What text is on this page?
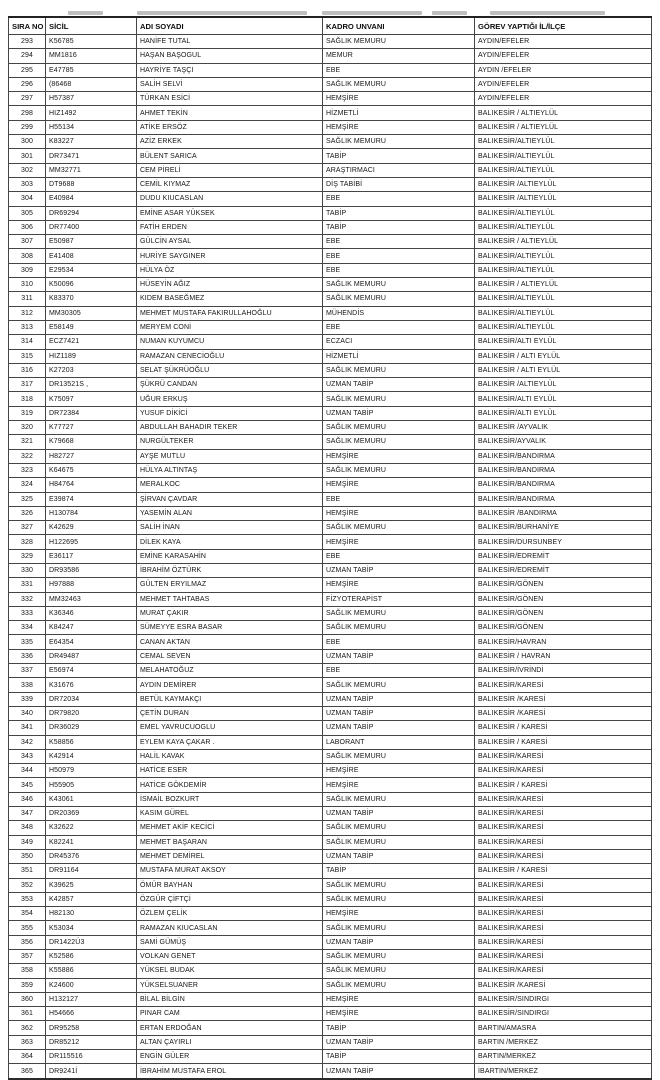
SIRA NO	SİCİL	ADI SOYADI	KADRO UNVANI	GÖREV YAPTIĞI İL/İLÇE
293	K56785	HANİFE TUTAL	SAĞLIK MEMURU	AYDIN/EFELER
294	MM1816	HAŞAN BAŞOGUL	MEMUR	AYDIN/EFELER
295	E47785	HAYRİYE TAŞÇI	EBE	AYDIN /EFELER
296	(86468	SALİH SELVİ	SAĞLIK MEMURU	AYDIN/EFELER
297	H57387	TÜRKAN ESİCİ	HEMŞİRE	AYDIN/EFELER
298	HIZ1492	AHMET TEKİN	HİZMETLİ	BALIKESİR / ALTIEYLÜL
299	H55134	ATİKE ERSÖZ	HEMŞİRE	BALIKESİR / ALTIEYLÜL
300	K83227	AZİZ ERKEK	SAĞLIK MEMURU	BALIKESİR/ALTIEYLÜL
301	DR73471	BÜLENT SARICA	TABİP	BALIKESİR/ALTIEYLÜL
302	MM32771	CEM PİRELİ	ARAŞTIRMACI	BALIKESİR/ALTIEYLÜL
303	DT9688	CEMİL KIYMAZ	DİŞ TABİBİ	BALIKESİR /ALTIEYLÜL
304	E40984	DUDU KIUCASLAN	EBE	BALIKESİR /ALTIEYLÜL
305	DR69294	EMİNE ASAR YÜKSEK	TABİP	BALIKESİR/ALTIEYLÜL
306	DR77400	FATİH ERDEN	TABİP	BALIKESİR/ALTIEYLÜL
307	E50987	GÜLCİN AYSAL	EBE	BALIKESİR / ALTIEYLÜL
308	E41408	HURİYE SAYGINER	EBE	BALIKESİR/ALTIEYLÜL
309	E29534	HÜLYA ÖZ	EBE	BALIKESİR/ALTIEYLÜL
310	K50096	HÜSEYİN AĞIZ	SAĞLIK MEMURU	BALIKESİR / ALTIEYLÜL
311	K83370	KIDEM BASEĞMEZ	SAĞLIK MEMURU	BALIKESİR/ALTIEYLÜL
312	MM30305	MEHMET MUSTAFA FAKIRULLAHOĞLU	MÜHENDİS	BALIKESİR/ALTIEYLÜL
313	E58149	MERYEM CONİ	EBE	BALIKESİR/ALTIEYLÜL
314	ECZ7421	NUMAN KUYUMCU	ECZACI	BALIKESİR/ALTI EYLÜL
315	HIZ1189	RAMAZAN CENECİOĞLU	HİZMETLİ	BALIKESİR / ALTI EYLÜL
316	K27203	SELAT ŞÜKRÜOĞLU	SAĞLIK MEMURU	BALIKESİR / ALTI EYLÜL
317	DR13521S ,	ŞÜKRÜ CANDAN	UZMAN TABİP	BALIKESİR /ALTIEYLÜL
318	K75097	UĞUR ERKUŞ	SAĞLIK MEMURU	BALIKESİR/ALTI EYLÜL
319	DR72384	YUSUF DİKİCİ	UZMAN TABİP	BALIKESİR/ALTI EYLÜL
320	K77727	ABDULLAH BAHADIR TEKER	SAĞLIK MEMURU	BALIKESİR /AYVALIK
321	K79668	NURGÜLTEKER	SAĞLIK MEMURU	BALIKESİR/AYVALIK
322	H82727	AYŞE MUTLU	HEMŞİRE	BALIKESİR/BANDIRMA
323	K64675	HÜLYA ALTINTAŞ	SAĞLIK MEMURU	BALIKESİR/BANDIRMA
324	H84764	MERALKOC	HEMŞİRE	BALIKESİR/BANDIRMA
325	E39874	ŞİRVAN ÇAVDAR	EBE	BALIKESİR/BANDIRMA
326	H130784	YASEMİN ALAN	HEMŞİRE	BALIKESİR /BANDIRMA
327	K42629	SALİH İNAN	SAĞLIK MEMURU	BALIKESİR/BURHANİYE
328	H122695	DİLEK KAYA	HEMŞİRE	BALIKESİR/DURSUNBEY
329	E36117	EMİNE KARASAHİN	EBE	BALIKESİR/EDREMİT
330	DR93586	İBRAHİM ÖZTÜRK	UZMAN TABİP	BALIKESİR/EDREMİT
331	H97888	GÜLTEN ERYILMAZ	HEMŞİRE	BALIKESİR/GÖNEN
332	MM32463	MEHMET TAHTABAS	FİZYOTERAPİST	BALIKESİR/GÖNEN
333	K36346	MURAT ÇAKIR	SAĞLIK MEMURU	BALIKESİR/GÖNEN
334	K84247	SÜMEYYE ESRA BASAR	SAĞLIK MEMURU	BALIKESİR/GÖNEN
335	E64354	CANAN AKTAN	EBE	BALIKESİR/HAVRAN
336	DR49487	CEMAL SEVEN	UZMAN TABİP	BALIKESİR / HAVRAN
337	E56974	MELAHATOĞUZ	EBE	BALIKESİR/İVRİNDİ
338	K31676	AYDIN DEMİRER	SAĞLIK MEMURU	BALIKESİR/KARESİ
339	DR72034	BETÜL KAYMAKÇI	UZMAN TABİP	BALIKESİR /KARESİ
340	DR79820	ÇETİN DURAN	UZMAN TABİP	BALIKESİR /KARESİ
341	DR36029	EMEL YAVRUCUOGLU	UZMAN TABİP	BALIKESİR / KARESİ
342	K58856	EYLEM KAYA ÇAKAR .	LABORANT	BALIKESİR / KARESİ
343	K42914	HALİL KAVAK	SAĞLIK MEMURU	BALIKESİR/KARESİ
344	H50979	HATİCE ESER	HEMŞİRE	BALIKESİR/KARESİ
345	H55905	HATİCE GÖKDEMİR	HEMŞİRE	BALIKESİR / KARESİ
346	K43061	İSMAİL BOZKURT	SAĞLIK MEMURU	BALIKESİR/KARESİ
347	DR20369	KASIM GÜREL	UZMAN TABİP	BALIKESİR/KARESİ
348	K32622	MEHMET AKİF KECİCİ	SAĞLIK MEMURU	BALIKESİR/KARESİ
349	K82241	MEHMET BAŞARAN	SAĞLIK MEMURU	BALIKESİR/KARESİ
350	DR45376	MEHMET DEMİREL	UZMAN TABİP	BALIKESİR/KARESİ
351	DR91164	MUSTAFA MURAT AKSOY	TABİP	BALIKESİR / KARESİ
352	K39625	ÖMÜR BAYHAN	SAĞLIK MEMURU	BALIKESİR/KARESİ
353	K42857	ÖZGÜR ÇİFTÇİ	SAĞLIK MEMURU	BALIKESİR/KARESİ
354	H82130	ÖZLEM ÇELİK	HEMŞİRE	BALIKESİR/KARESİ
355	K53034	RAMAZAN KIUCASLAN	SAĞLIK MEMURU	BALIKESİR/KARESİ
356	DR1422Ü3	SAMİ GÜMÜŞ	UZMAN TABİP	BALIKESİR/KARESİ
357	K52586	VOLKAN GENET	SAĞLIK MEMURU	BALIKESİR/KARESİ
358	K55886	YÜKSEL BUDAK	SAĞLIK MEMURU	BALIKESİR/KARESİ
359	K24600	YÜKSELSUANER	SAĞLIK MEMURU	BALIKESİR /KARESİ
360	H132127	BİLAL BİLGİN	HEMŞİRE	BALIKESİR/SINDIRGI
361	H54666	PINAR CAM	HEMŞİRE	BALIKESİR/SINDIRGI
362	DR95258	ERTAN ERDOĞAN	TABİP	BARTIN/AMASRA
363	DR85212	ALTAN ÇAYIRLI	UZMAN TABİP	BARTIN /MERKEZ
364	DR115516	ENGİN GÜLER	TABİP	BARTIN/MERKEZ
365	DR9241İ	İBRAHİM MUSTAFA EROL	UZMAN TABİP	İBARTIN/MERKEZ
